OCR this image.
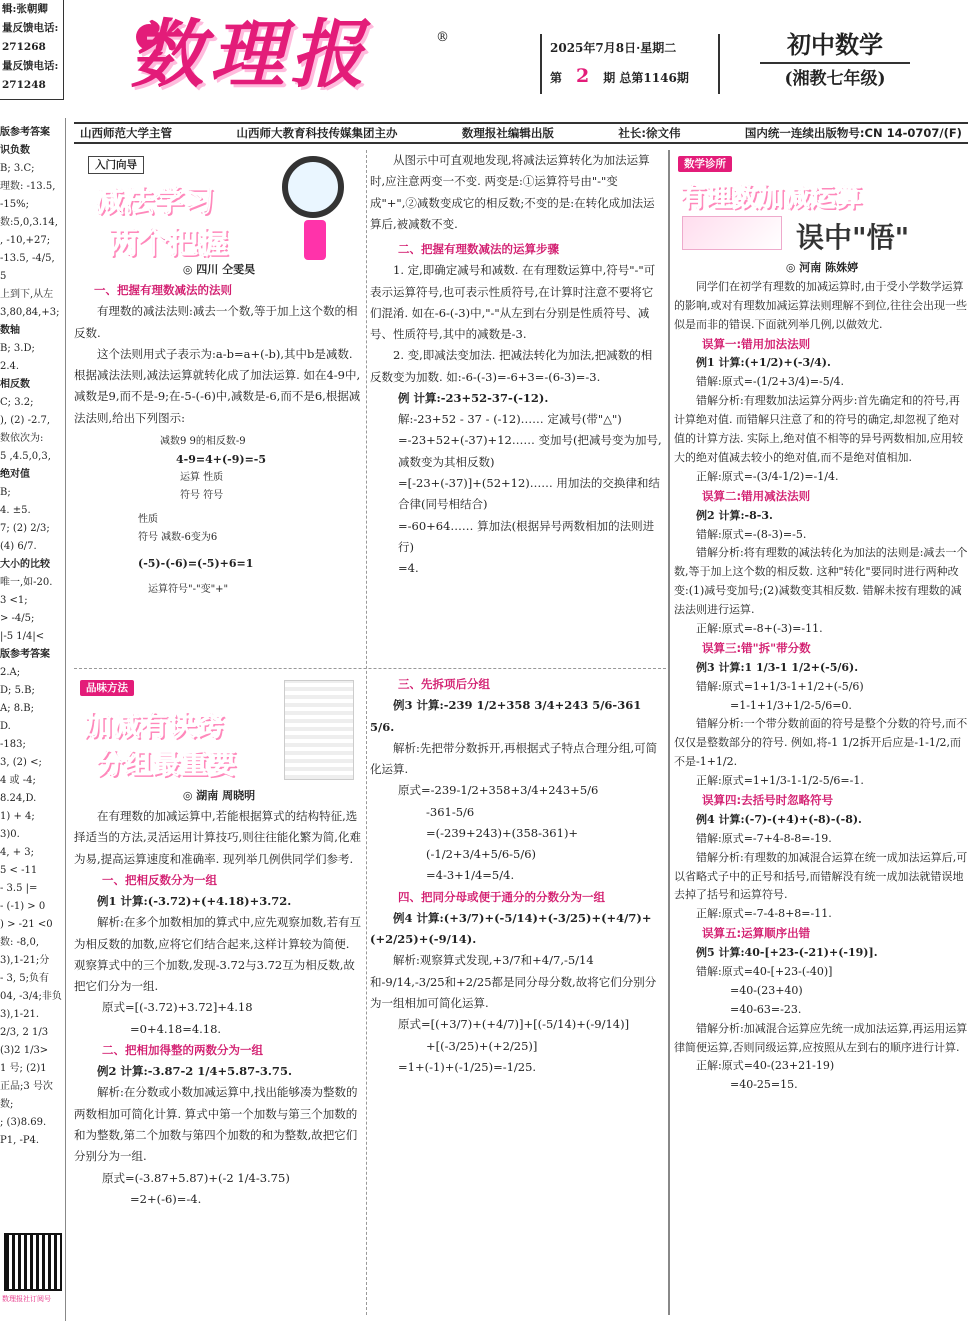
辑:张朝卿
量反馈电话:
271268
量反馈电话:
271248 数理报	®
2025年7月8日·星期二
第 2 期 总第1146期
初中数学
(湘教七年级)
山西师范大学主管	山西师大教育科技传媒集团主办	数理报社编辑出版	社长:徐文伟	国内统一连续出版物号:CN 14-0707/(F)
版参考答案
识负数
B; 3.C;
理数: -13.5,
-15%;
数:5,0,3.14,
, -10,+27;
-13.5, -4/5,
5
上到下,从左
3,80,84,+3;
数轴
B; 3.D;
2.4.
相反数
C; 3.2;
), (2) -2.7,
数依次为:
5 ,4.5,0,3,
绝对值
B;
4. ±5.
7; (2) 2/3;
(4) 6/7.
大小的比较
唯一,如-20.
3 <1;
> -4/5;
|-5 1/4|<
版参考答案
2.A;
D; 5.B;
A; 8.B;
D.
-183;
3, (2) <;
4 或 -4;
8.24,D.
1) + 4;
3)0.
4, + 3;
5 < -11
- 3.5 |=
- (-1) > 0
) > -21 <0
数: -8,0,
3),1-21;分
- 3, 5;负有
04, -3/4;非负
3),1-21.
2/3, 2 1/3
(3)2 1/3>
1 号; (2)1
正品;3 号次
数;
; (3)8.69.
P1, -P4.
数理报社订阅号
入门向导
减法学习
两个把握
◎ 四川 仝雯昊
一、把握有理数减法的法则

有理数的减法法则:减去一个数,等于加上这个数的相反数.

这个法则用式子表示为:a-b=a+(-b),其中b是减数. 根据减法法则,减法运算就转化成了加法运算. 如在4-9中,减数是9,而不是-9;在-5-(-6)中,减数是-6,而不是6,根据减法法则,给出下列图示:

减数9 9的相反数-9
4-9=4+(-9)=-5
运算 性质
符号 符号
性质
符号 减数-6变为6
(-5)-(-6)=(-5)+6=1
运算符号"-"变"+"

从图示中可直观地发现,将减法运算转化为加法运算时,应注意两变一不变. 两变是:①运算符号由"-"变成"+",②减数变成它的相反数;不变的是:在转化成加法运算后,被减数不变.

二、把握有理数减法的运算步骤

1. 定,即确定减号和减数. 在有理数运算中,符号"-"可表示运算符号,也可表示性质符号,在计算时注意不要将它们混淆. 如在-6-(-3)中,"-"从左到右分别是性质符号、减号、性质符号,其中的减数是-3.

2. 变,即减法变加法. 把减法转化为加法,把减数的相反数变为加数. 如:-6-(-3)=-6+3=-(6-3)=-3.

例 计算:-23+52-37-(-12).
解:-23+52 - 37 - (-12)…… 定减号(带"△")
=-23+52+(-37)+12…… 变加号(把减号变为加号,减数变为其相反数)
=[-23+(-37)]+(52+12)…… 用加法的交换律和结合律(同号相结合)
=-60+64…… 算加法(根据异号两数相加的法则进行)
=4.
品味方法
加减有诀窍
分组最重要
◎ 湖南 周晓明

在有理数的加减运算中,若能根据算式的结构特征,选择适当的方法,灵活运用计算技巧,则往往能化繁为简,化难为易,提高运算速度和准确率. 现列举几例供同学们参考.

一、把相反数分为一组
例1 计算:(-3.72)+(+4.18)+3.72.

解析:在多个加数相加的算式中,应先观察加数,若有互为相反数的加数,应将它们结合起来,这样计算较为简便. 观察算式中的三个加数,发现-3.72与3.72互为相反数,故把它们分为一组.

原式=[(-3.72)+3.72]+4.18
=0+4.18=4.18.
二、把相加得整的两数分为一组
例2 计算:-3.87-2 1/4+5.87-3.75.

解析:在分数或小数加减运算中,找出能够凑为整数的两数相加可简化计算. 算式中第一个加数与第三个加数的和为整数,第二个加数与第四个加数的和为整数,故把它们分别分为一组.

原式=(-3.87+5.87)+(-2 1/4-3.75)
=2+(-6)=-4.
三、先拆项后分组
例3 计算:-239 1/2+358 3/4+243 5/6-361 5/6.

解析:先把带分数拆开,再根据式子特点合理分组,可简化运算.

原式=-239-1/2+358+3/4+243+5/6
-361-5/6
=(-239+243)+(358-361)+
(-1/2+3/4+5/6-5/6)
=4-3+1/4=5/4.
四、把同分母或便于通分的分数分为一组
例4 计算:(+3/7)+(-5/14)+(-3/25)+(+4/7)+(+2/25)+(-9/14).

解析:观察算式发现,+3/7和+4/7,-5/14和-9/14,-3/25和+2/25都是同分母分数,故将它们分别分为一组相加可简化运算.

原式=[(+3/7)+(+4/7)]+[(-5/14)+(-9/14)]
+[(-3/25)+(+2/25)]
=1+(-1)+(-1/25)=-1/25.
数学诊所
有理数加减运算
误中"悟"
◎ 河南 陈姝婷

同学们在初学有理数的加减运算时,由于受小学数学运算的影响,或对有理数加减运算法则理解不到位,往往会出现一些似是而非的错误.下面就列举几例,以做效尤.

误算一:错用加法法则
例1 计算:(+1/2)+(-3/4).
错解:原式=-(1/2+3/4)=-5/4.

错解分析:有理数加法运算分两步:首先确定和的符号,再计算绝对值. 而错解只注意了和的符号的确定,却忽视了绝对值的计算方法. 实际上,绝对值不相等的异号两数相加,应用较大的绝对值减去较小的绝对值,而不是绝对值相加.

正解:原式=-(3/4-1/2)=-1/4.
误算二:错用减法法则
例2 计算:-8-3.
错解:原式=-(8-3)=-5.

错解分析:将有理数的减法转化为加法的法则是:减去一个数,等于加上这个数的相反数. 这种"转化"要同时进行两种改变:(1)减号变加号;(2)减数变其相反数. 错解未按有理数的减法法则进行运算.

正解:原式=-8+(-3)=-11.
误算三:错"拆"带分数
例3 计算:1 1/3-1 1/2+(-5/6).
错解:原式=1+1/3-1+1/2+(-5/6)
=1-1+1/3+1/2-5/6=0.

错解分析:一个带分数前面的符号是整个分数的符号,而不仅仅是整数部分的符号. 例如,将-1 1/2拆开后应是-1-1/2,而不是-1+1/2.

正解:原式=1+1/3-1-1/2-5/6=-1.
误算四:去括号时忽略符号
例4 计算:(-7)-(+4)+(-8)-(-8).
错解:原式=-7+4-8-8=-19.

错解分析:有理数的加减混合运算在统一成加法运算后,可以省略式子中的正号和括号,而错解没有统一成加法就错误地去掉了括号和运算符号.

正解:原式=-7-4-8+8=-11.
误算五:运算顺序出错
例5 计算:40-[+23-(-21)+(-19)].
错解:原式=40-[+23-(-40)]
=40-(23+40)
=40-63=-23.

错解分析:加减混合运算应先统一成加法运算,再运用运算律简便运算,否则同级运算,应按照从左到右的顺序进行计算.

正解:原式=40-(23+21-19)
=40-25=15.
